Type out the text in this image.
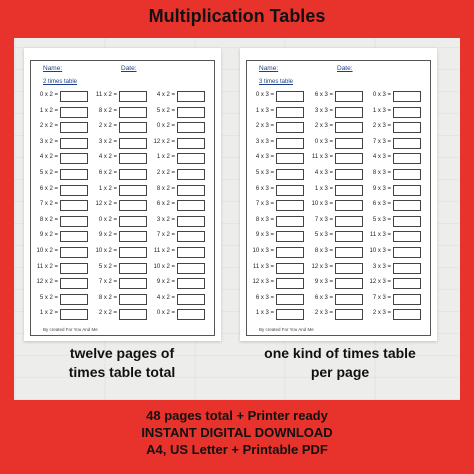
Multiplication Tables
Name:	Date:
2 times table
0 x 2 =
1 x 2 =
2 x 2 =
3 x 2 =
4 x 2 =
5 x 2 =
6 x 2 =
7 x 2 =
8 x 2 =
9 x 2 =
10 x 2 =
11 x 2 =
12 x 2 =
5 x 2 =
1 x 2 =
11 x 2 =
8 x 2 =
2 x 2 =
3 x 2 =
4 x 2 =
6 x 2 =
1 x 2 =
12 x 2 =
0 x 2 =
9 x 2 =
10 x 2 =
5 x 2 =
7 x 2 =
8 x 2 =
2 x 2 =
4 x 2 =
5 x 2 =
0 x 2 =
12 x 2 =
1 x 2 =
2 x 2 =
8 x 2 =
6 x 2 =
3 x 2 =
7 x 2 =
11 x 2 =
10 x 2 =
9 x 2 =
4 x 2 =
0 x 2 =
By created For You And Me
Name:	Date:
3 times table
0 x 3 =
1 x 3 =
2 x 3 =
3 x 3 =
4 x 3 =
5 x 3 =
6 x 3 =
7 x 3 =
8 x 3 =
9 x 3 =
10 x 3 =
11 x 3 =
12 x 3 =
6 x 3 =
1 x 3 =
6 x 3 =
3 x 3 =
2 x 3 =
0 x 3 =
11 x 3 =
4 x 3 =
1 x 3 =
10 x 3 =
7 x 3 =
5 x 3 =
8 x 3 =
12 x 3 =
9 x 3 =
6 x 3 =
2 x 3 =
0 x 3 =
1 x 3 =
2 x 3 =
7 x 3 =
4 x 3 =
8 x 3 =
9 x 3 =
6 x 3 =
5 x 3 =
11 x 3 =
10 x 3 =
3 x 3 =
12 x 3 =
7 x 3 =
2 x 3 =
By created For You And Me
twelve pages of
times table total
one kind of times table
per page
48 pages total + Printer ready
INSTANT DIGITAL DOWNLOAD
A4, US Letter + Printable PDF
